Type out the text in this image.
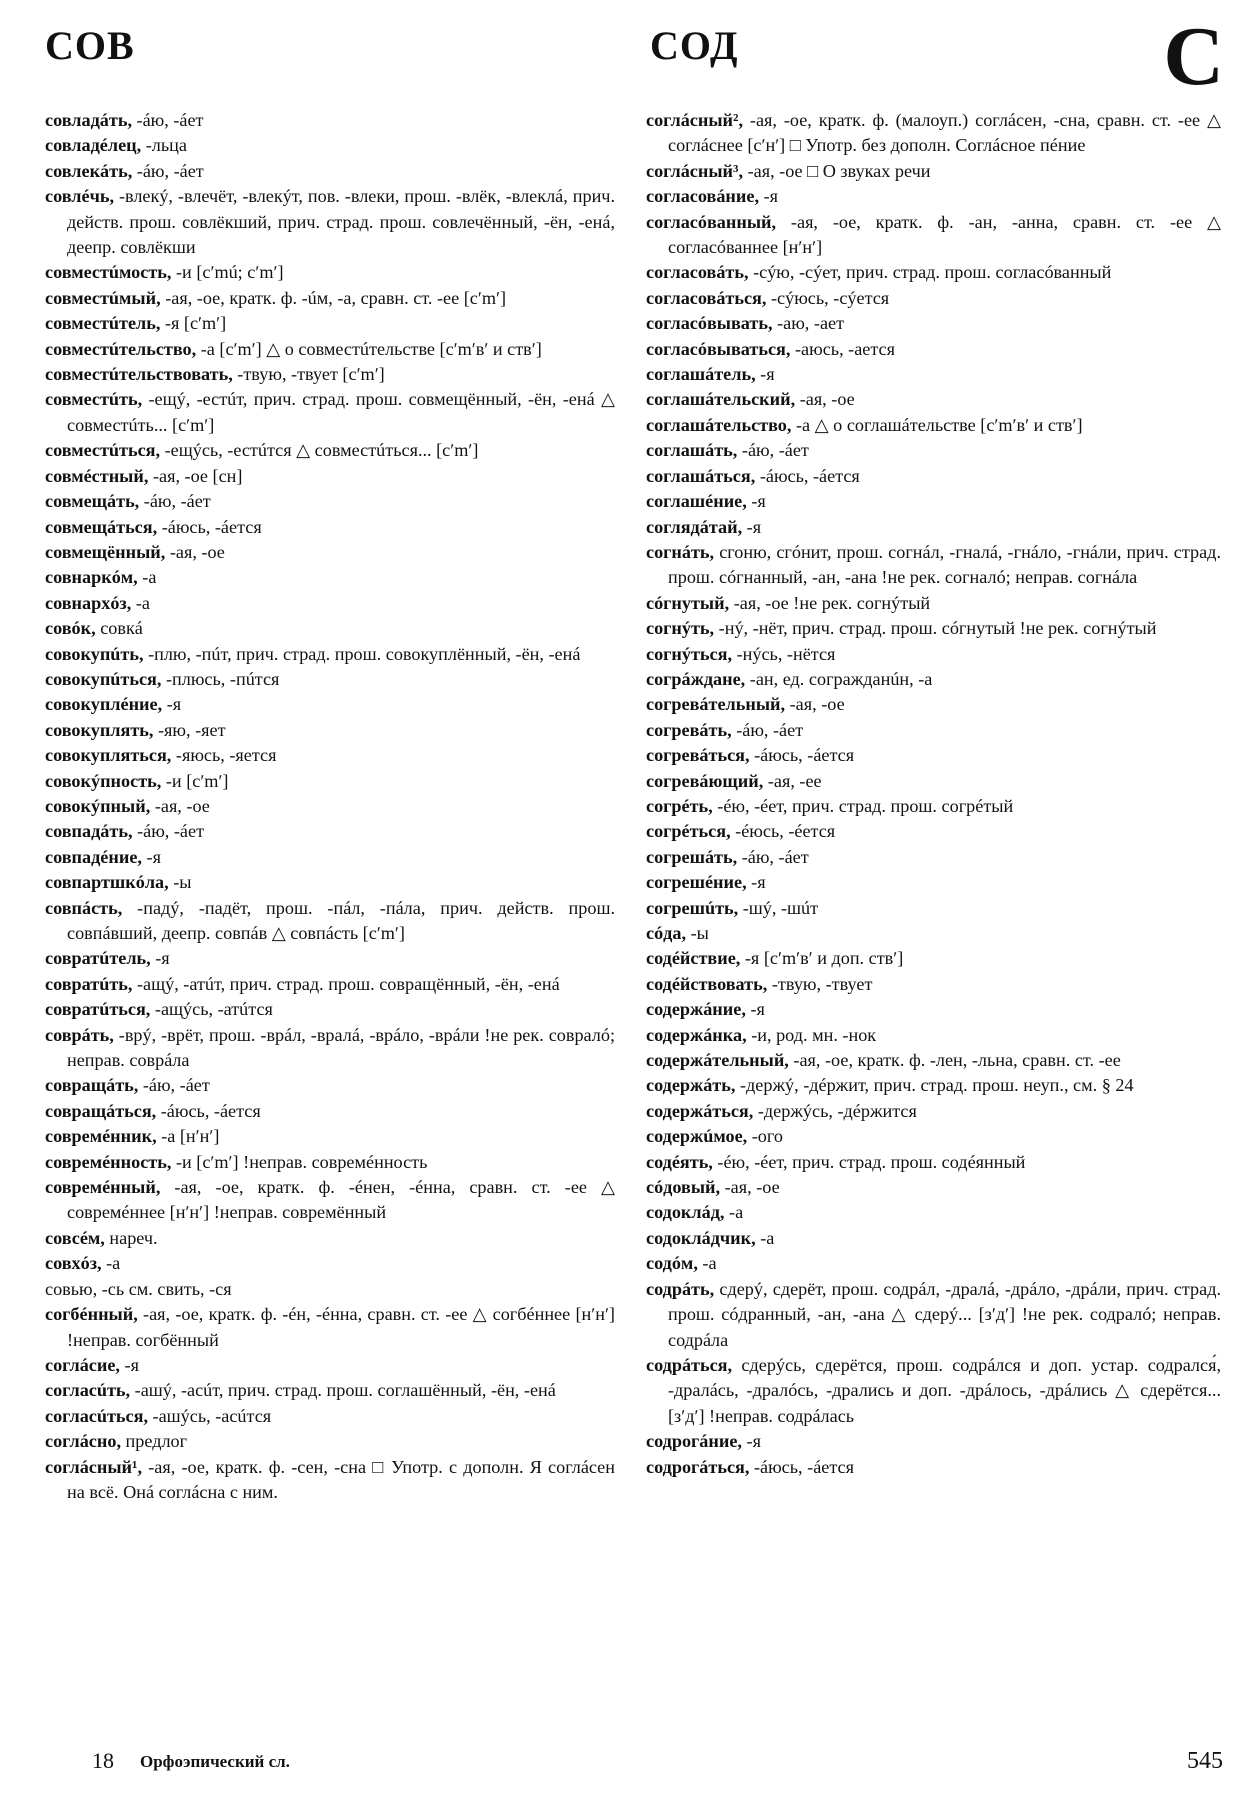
СОВ	СОД	С
совладáть, -áю, -áет
совладéлец, -льца
совлекáть, -áю, -áет
совлéчь, -влекý, -влечёт, -влекýт, пов. -влеки, прош. -влёк, -влеклá, прич. действ. прош. совлёкший, прич. страд. прош. совлечённый, -ён, -енá, деепр. совлёкши
совместúмость, -и [сʹmú; сʹmʹ]
совместúмый, -ая, -ое, кратк. ф. -úм, -а, сравн. ст. -ее [сʹmʹ]
совместúтель, -я [сʹmʹ]
совместúтельство, -а [сʹmʹ] △ о совместúтельстве [сʹmʹвʹ и ствʹ]
совместúтельствовать, -твую, -твует [сʹmʹ]
совместúть, -ещý, -естúт, прич. страд. прош. совмещённый, -ён, -енá △ совместúть... [сʹmʹ]
совместúться, -ещýсь, -естúтся △ совместúться... [сʹmʹ]
совмéстный, -ая, -ое [сн]
совмещáть, -áю, -áет
совмещáться, -áюсь, -áется
совмещённый, -ая, -ое
совнаркóм, -а
совнархóз, -а
совóк, совкá
совокупúть, -плю, -пúт, прич. страд. прош. совокуплённый, -ён, -енá
совокупúться, -плюсь, -пúтся
совокуплéние, -я
совокуплять, -яю, -яет
совокупляться, -яюсь, -яется
совокýпность, -и [сʹmʹ]
совокýпный, -ая, -ое
совпадáть, -áю, -áет
совпадéние, -я
совпартшкóла, -ы
совпáсть, -падý, -падёт, прош. -пáл, -пáла, прич. действ. прош. совпáвший, деепр. совпáв △ совпáсть [сʹmʹ]
совратúтель, -я
совратúть, -ащý, -атúт, прич. страд. прош. совращённый, -ён, -енá
совратúться, -ащýсь, -атúтся
соврáть, -врý, -врёт, прош. -врáл, -вралá, -врáло, -врáли !не рек. совралó; неправ. соврáла
совращáть, -áю, -áет
совращáться, -áюсь, -áется
совремéнник, -а [нʹнʹ]
совремéнность, -и [сʹmʹ] !неправ. совремéнность
совремéнный, -ая, -ое, кратк. ф. -éнен, -éнна, сравн. ст. -ее △ совремéннее [нʹнʹ] !неправ. совремённый
совсéм, нареч.
совхóз, -а
совью, -сь см. свить, -ся
согбéнный, -ая, -ое, кратк. ф. -éн, -éнна, сравн. ст. -ее △ согбéннее [нʹнʹ] !неправ. согбённый
соглáсие, -я
согласúть, -ашý, -асúт, прич. страд. прош. соглашённый, -ён, -енá
согласúться, -ашýсь, -асúтся
соглáсно, предлог
соглáсный¹, -ая, -ое, кратк. ф. -сен, -сна □ Употр. с дополн. Я соглáсен на всё. Онá соглáсна с ним.
соглáсный², -ая, -ое, кратк. ф. (малоуп.) соглáсен, -сна, сравн. ст. -ее △ соглáснее [сʹнʹ] □ Употр. без дополн. Соглáсное пéние
соглáсный³, -ая, -ое □ О звуках речи
согласовáние, -я
согласóванный, -ая, -ое, кратк. ф. -ан, -анна, сравн. ст. -ее △ согласóваннее [нʹнʹ]
согласовáть, -сýю, -сýет, прич. страд. прош. согласóванный
согласовáться, -сýюсь, -сýется
согласóвывать, -аю, -ает
согласóвываться, -аюсь, -ается
соглашáтель, -я
соглашáтельский, -ая, -ое
соглашáтельство, -а △ о соглашáтельстве [сʹmʹвʹ и ствʹ]
соглашáть, -áю, -áет
соглашáться, -áюсь, -áется
соглашéние, -я
соглядáтай, -я
согнáть, сгоню, сгóнит, прош. согнáл, -гналá, -гнáло, -гнáли, прич. страд. прош. сóгнанный, -ан, -ана !не рек. согналó; неправ. согнáла
сóгнутый, -ая, -ое !не рек. согнýтый
согнýть, -нý, -нёт, прич. страд. прош. сóгнутый !не рек. согнýтый
согнýться, -нýсь, -нётся
согрáждане, -ан, ед. согражданúн, -а
согревáтельный, -ая, -ое
согревáть, -áю, -áет
согревáться, -áюсь, -áется
согревáющий, -ая, -ее
согрéть, -éю, -éет, прич. страд. прош. согрéтый
согрéться, -éюсь, -éется
согрешáть, -áю, -áет
согрешéние, -я
согрешúть, -шý, -шúт
сóда, -ы
содéйствие, -я [сʹmʹвʹ и доп. ствʹ]
содéйствовать, -твую, -твует
содержáние, -я
содержáнка, -и, род. мн. -нок
содержáтельный, -ая, -ое, кратк. ф. -лен, -льна, сравн. ст. -ее
содержáть, -держý, -дéржит, прич. страд. прош. неуп., см. § 24
содержáться, -держýсь, -дéржится
содержúмое, -ого
содéять, -éю, -éет, прич. страд. прош. содéянный
сóдовый, -ая, -ое
содоклáд, -а
содоклáдчик, -а
содóм, -а
содрáть, сдерý, сдерёт, прош. содрáл, -дралá, -дрáло, -дрáли, прич. страд. прош. сóдранный, -ан, -ана △ сдерý... [зʹдʹ] !не рек. содралó; неправ. содрáла
содрáться, сдерýсь, сдерётся, прош. содрáлся и доп. устар. содрался́, -дралáсь, -дралóсь, -дрались и доп. -дрáлось, -дрáлись △ сдерётся... [зʹдʹ] !неправ. содрáлась
содрогáние, -я
содрогáться, -áюсь, -áется
18 Орфоэпический сл.	545
